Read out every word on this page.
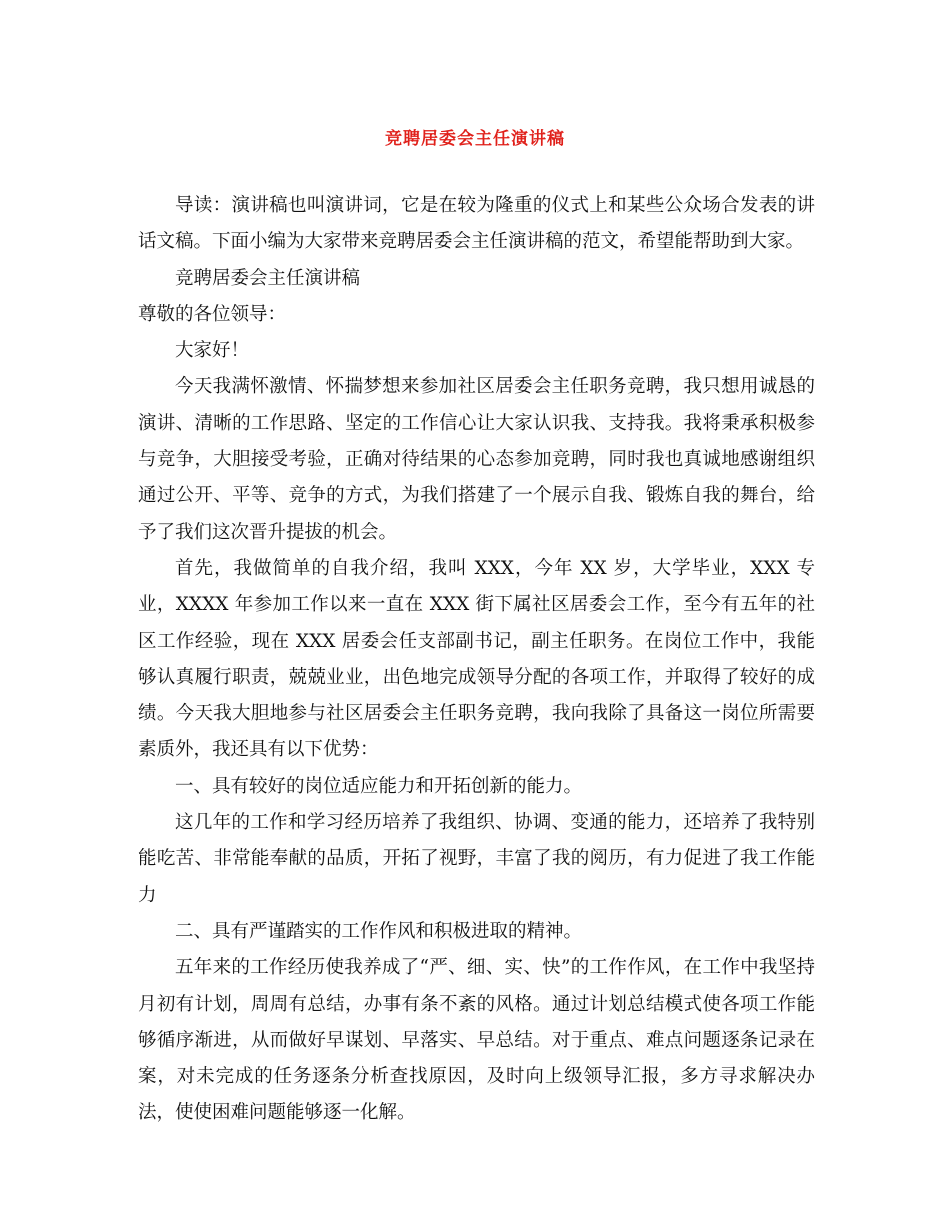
竞聘居委会主任演讲稿

导读：演讲稿也叫演讲词，它是在较为隆重的仪式上和某些公众场合发表的讲话文稿。下面小编为大家带来竞聘居委会主任演讲稿的范文，希望能帮助到大家。

竞聘居委会主任演讲稿

尊敬的各位领导：

大家好！

今天我满怀激情、怀揣梦想来参加社区居委会主任职务竞聘，我只想用诚恳的演讲、清晰的工作思路、坚定的工作信心让大家认识我、支持我。我将秉承积极参与竞争，大胆接受考验，正确对待结果的心态参加竞聘，同时我也真诚地感谢组织通过公开、平等、竞争的方式，为我们搭建了一个展示自我、锻炼自我的舞台，给予了我们这次晋升提拔的机会。

首先，我做简单的自我介绍，我叫 XXX，今年 XX 岁，大学毕业，XXX 专业，XXXX 年参加工作以来一直在 XXX 街下属社区居委会工作，至今有五年的社区工作经验，现在 XXX 居委会任支部副书记，副主任职务。在岗位工作中，我能够认真履行职责，兢兢业业，出色地完成领导分配的各项工作，并取得了较好的成绩。今天我大胆地参与社区居委会主任职务竞聘，我向我除了具备这一岗位所需要素质外，我还具有以下优势：

一、具有较好的岗位适应能力和开拓创新的能力。

这几年的工作和学习经历培养了我组织、协调、变通的能力，还培养了我特别能吃苦、非常能奉献的品质，开拓了视野，丰富了我的阅历，有力促进了我工作能力

二、具有严谨踏实的工作作风和积极进取的精神。

五年来的工作经历使我养成了“严、细、实、快”的工作作风，在工作中我坚持月初有计划，周周有总结，办事有条不紊的风格。通过计划总结模式使各项工作能够循序渐进，从而做好早谋划、早落实、早总结。对于重点、难点问题逐条记录在案，对未完成的任务逐条分析查找原因，及时向上级领导汇报，多方寻求解决办法，使使困难问题能够逐一化解。
